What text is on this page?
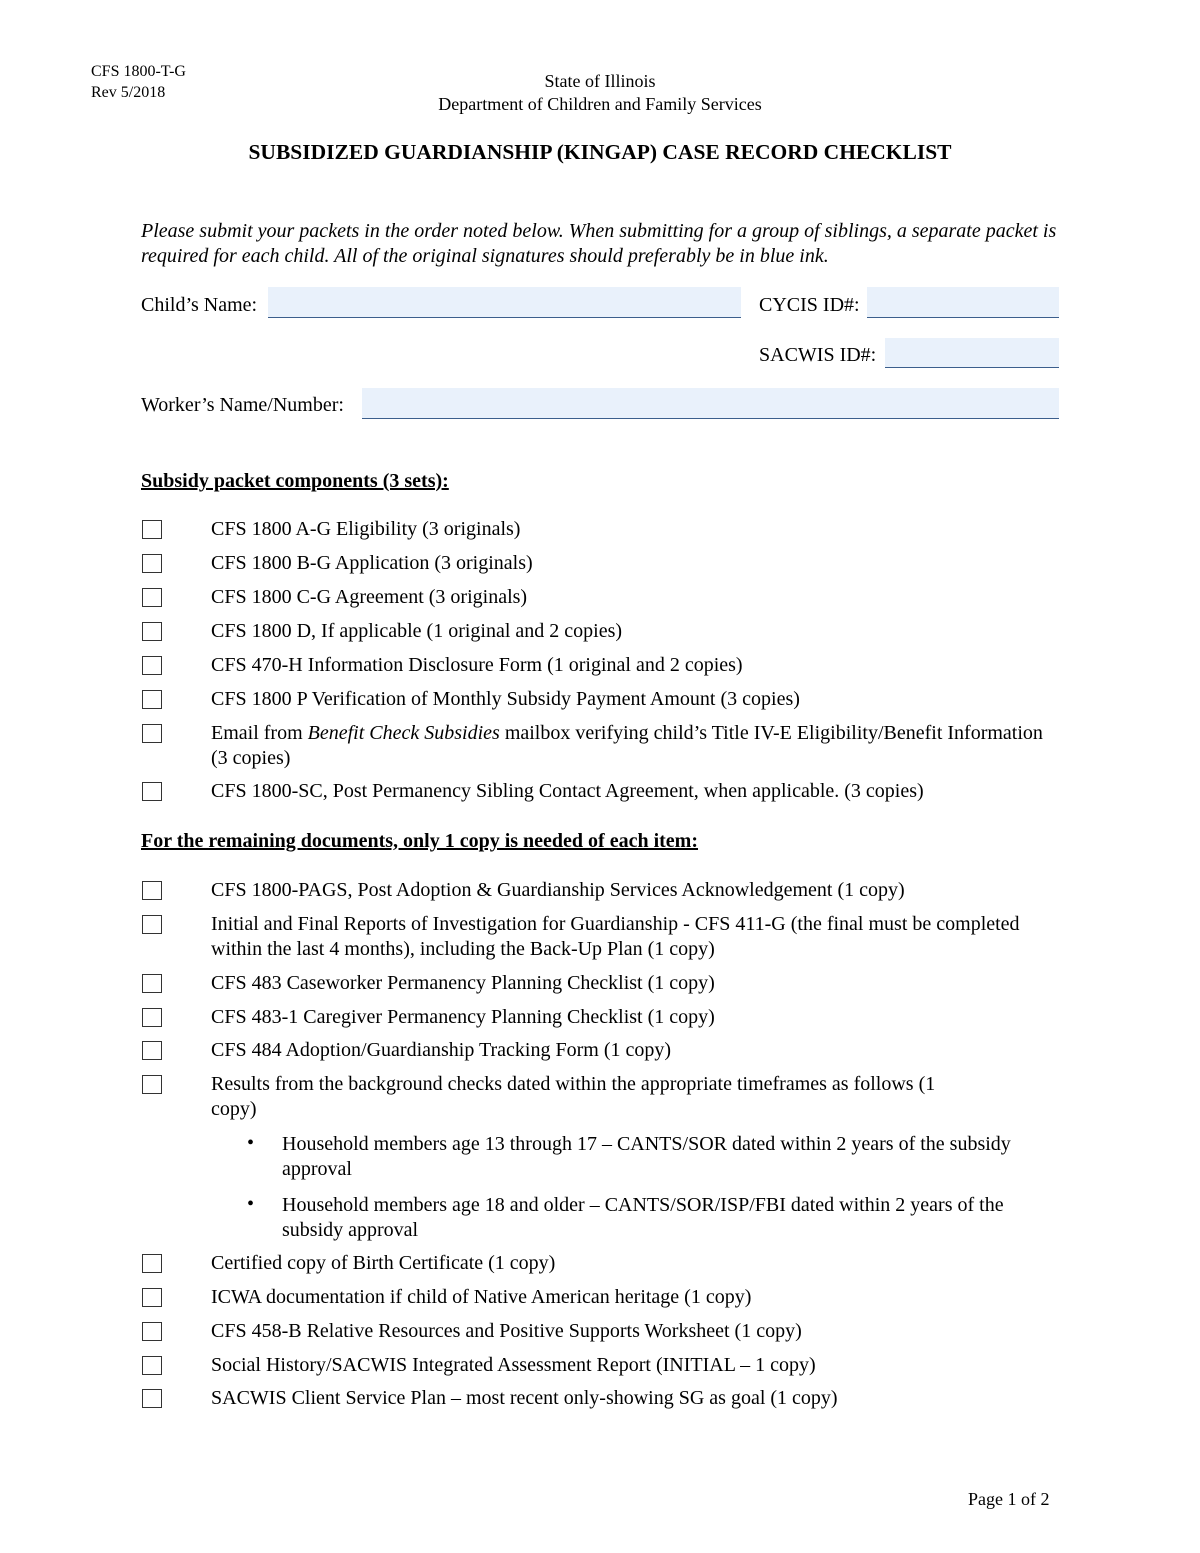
CFS 1800-T-G
Rev 5/2018
State of Illinois
Department of Children and Family Services
SUBSIDIZED GUARDIANSHIP (KINGAP) CASE RECORD CHECKLIST
Please submit your packets in the order noted below. When submitting for a group of siblings, a separate packet is required for each child. All of the original signatures should preferably be in blue ink.
Child’s Name:	CYCIS ID#:
SACWIS ID#:
Worker’s Name/Number:
Subsidy packet components (3 sets):
CFS 1800 A-G Eligibility (3 originals)
CFS 1800 B-G Application (3 originals)
CFS 1800 C-G Agreement (3 originals)
CFS 1800 D, If applicable (1 original and 2 copies)
CFS 470-H Information Disclosure Form (1 original and 2 copies)
CFS 1800 P Verification of Monthly Subsidy Payment Amount (3 copies)
Email from Benefit Check Subsidies mailbox verifying child’s Title IV-E Eligibility/Benefit Information (3 copies)
CFS 1800-SC, Post Permanency Sibling Contact Agreement, when applicable. (3 copies)
For the remaining documents, only 1 copy is needed of each item:
CFS 1800-PAGS, Post Adoption & Guardianship Services Acknowledgement (1 copy)
Initial and Final Reports of Investigation for Guardianship - CFS 411-G (the final must be completed within the last 4 months), including the Back-Up Plan (1 copy)
CFS 483 Caseworker Permanency Planning Checklist (1 copy)
CFS 483-1 Caregiver Permanency Planning Checklist (1 copy)
CFS 484 Adoption/Guardianship Tracking Form (1 copy)
Results from the background checks dated within the appropriate timeframes as follows (1 copy)
• Household members age 13 through 17 – CANTS/SOR dated within 2 years of the subsidy approval
• Household members age 18 and older – CANTS/SOR/ISP/FBI dated within 2 years of the subsidy approval
Certified copy of Birth Certificate (1 copy)
ICWA documentation if child of Native American heritage (1 copy)
CFS 458-B Relative Resources and Positive Supports Worksheet (1 copy)
Social History/SACWIS Integrated Assessment Report (INITIAL – 1 copy)
SACWIS Client Service Plan – most recent only-showing SG as goal (1 copy)
Page 1 of 2
